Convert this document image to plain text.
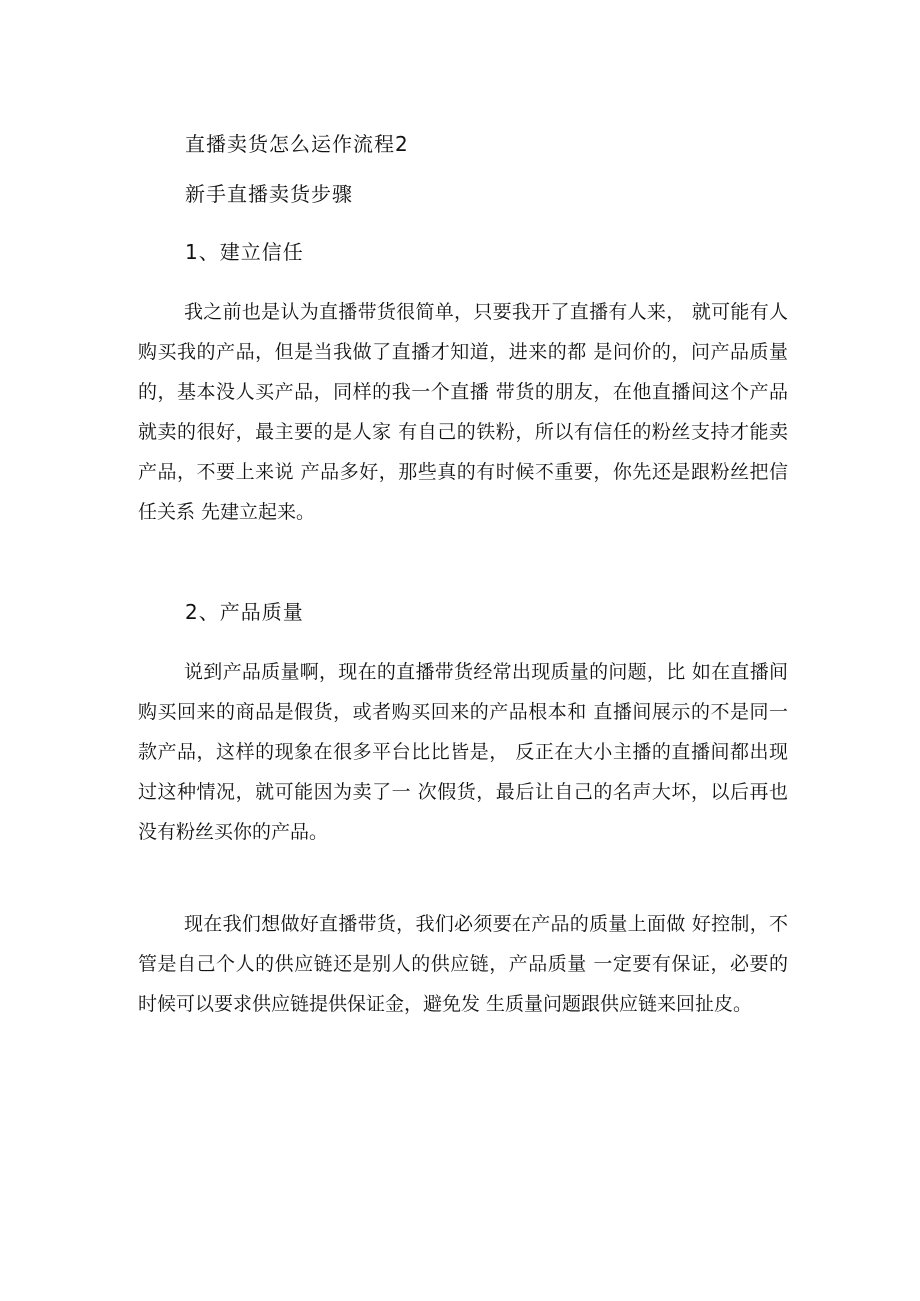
直播卖货怎么运作流程2
新手直播卖货步骤
1、建立信任

我之前也是认为直播带货很简单，只要我开了直播有人来， 就可能有人购买我的产品，但是当我做了直播才知道，进来的都 是问价的，问产品质量的，基本没人买产品，同样的我一个直播 带货的朋友，在他直播间这个产品就卖的很好，最主要的是人家 有自己的铁粉，所以有信任的粉丝支持才能卖产品，不要上来说 产品多好，那些真的有时候不重要，你先还是跟粉丝把信任关系 先建立起来。

2、产品质量

说到产品质量啊，现在的直播带货经常出现质量的问题，比 如在直播间购买回来的商品是假货，或者购买回来的产品根本和 直播间展示的不是同一款产品，这样的现象在很多平台比比皆是， 反正在大小主播的直播间都出现过这种情况，就可能因为卖了一 次假货，最后让自己的名声大坏，以后再也没有粉丝买你的产品。

现在我们想做好直播带货，我们必须要在产品的质量上面做 好控制，不管是自己个人的供应链还是别人的供应链，产品质量 一定要有保证，必要的时候可以要求供应链提供保证金，避免发 生质量问题跟供应链来回扯皮。
